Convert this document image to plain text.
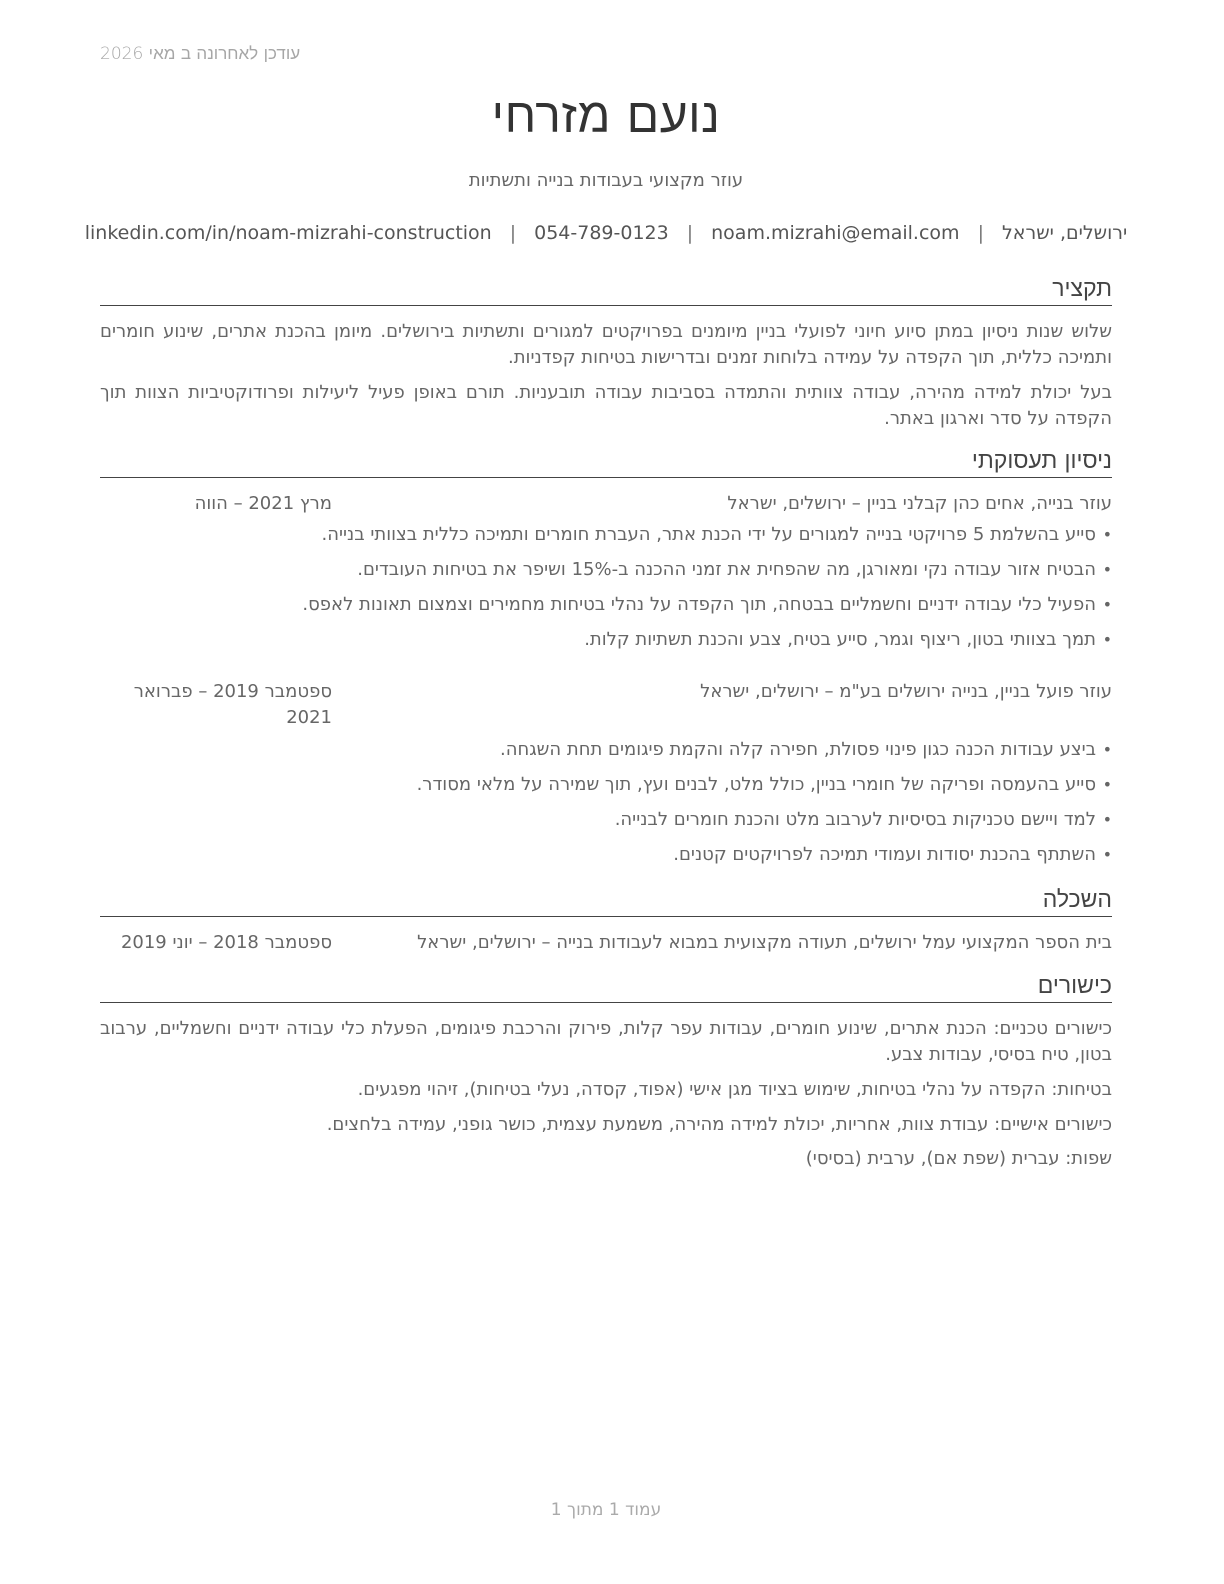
עודכן לאחרונה ב מאי 2026
נועם מזרחי
עוזר מקצועי בעבודות בנייה ותשתיות
ירושלים, ישראל
|
noam.mizrahi@email.com
|
054-789-0123
|
linkedin.com/in/noam-mizrahi-construction
תקציר
שלוש שנות ניסיון במתן סיוע חיוני לפועלי בניין מיומנים בפרויקטים למגורים ותשתיות בירושלים. מיומן בהכנת אתרים, שינוע חומרים ותמיכה כללית, תוך הקפדה על עמידה בלוחות זמנים ובדרישות בטיחות קפדניות.
בעל יכולת למידה מהירה, עבודה צוותית והתמדה בסביבות עבודה תובעניות. תורם באופן פעיל ליעילות ופרודוקטיביות הצוות תוך הקפדה על סדר וארגון באתר.
ניסיון תעסוקתי
עוזר בנייה, אחים כהן קבלני בניין – ירושלים, ישראל
מרץ 2021 – הווה
•
סייע בהשלמת 5 פרויקטי בנייה למגורים על ידי הכנת אתר, העברת חומרים ותמיכה כללית בצוותי בנייה.
•
הבטיח אזור עבודה נקי ומאורגן, מה שהפחית את זמני ההכנה ב-15% ושיפר את בטיחות העובדים.
•
הפעיל כלי עבודה ידניים וחשמליים בבטחה, תוך הקפדה על נהלי בטיחות מחמירים וצמצום תאונות לאפס.
•
תמך בצוותי בטון, ריצוף וגמר, סייע בטיח, צבע והכנת תשתיות קלות.
עוזר פועל בניין, בנייה ירושלים בע"מ – ירושלים, ישראל
ספטמבר 2019 – פברואר 2021
•
ביצע עבודות הכנה כגון פינוי פסולת, חפירה קלה והקמת פיגומים תחת השגחה.
•
סייע בהעמסה ופריקה של חומרי בניין, כולל מלט, לבנים ועץ, תוך שמירה על מלאי מסודר.
•
למד ויישם טכניקות בסיסיות לערבוב מלט והכנת חומרים לבנייה.
•
השתתף בהכנת יסודות ועמודי תמיכה לפרויקטים קטנים.
השכלה
בית הספר המקצועי עמל ירושלים, תעודה מקצועית במבוא לעבודות בנייה – ירושלים, ישראל
ספטמבר 2018 – יוני 2019
כישורים
כישורים טכניים: הכנת אתרים, שינוע חומרים, עבודות עפר קלות, פירוק והרכבת פיגומים, הפעלת כלי עבודה ידניים וחשמליים, ערבוב בטון, טיח בסיסי, עבודות צבע.
בטיחות: הקפדה על נהלי בטיחות, שימוש בציוד מגן אישי (אפוד, קסדה, נעלי בטיחות), זיהוי מפגעים.
כישורים אישיים: עבודת צוות, אחריות, יכולת למידה מהירה, משמעת עצמית, כושר גופני, עמידה בלחצים.
שפות: עברית (שפת אם), ערבית (בסיסי)
עמוד 1 מתוך 1
